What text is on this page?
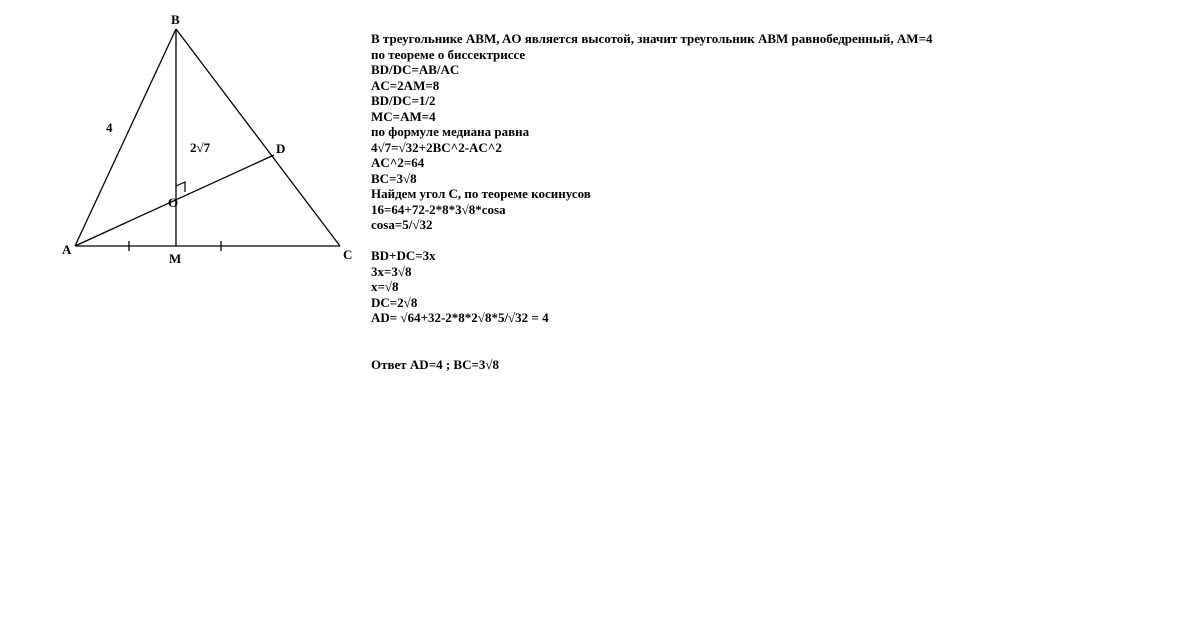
B
A	C
D
M
O
4
2√7
В треугольнике ABM, AO является высотой, значит треугольник ABM равнобедренный, AM=4
по теореме о биссектриссе
BD/DC=AB/AC
AC=2AM=8
BD/DC=1/2
MC=AM=4
по формуле медиана равна
4√7=√32+2BC^2-AC^2
AC^2=64
BC=3√8
Найдем угол С, по теореме косинусов
16=64+72-2*8*3√8*cosa
cosa=5/√32
BD+DC=3x
3x=3√8
x=√8
DC=2√8
AD= √64+32-2*8*2√8*5/√32 = 4
Ответ AD=4 ; BC=3√8
